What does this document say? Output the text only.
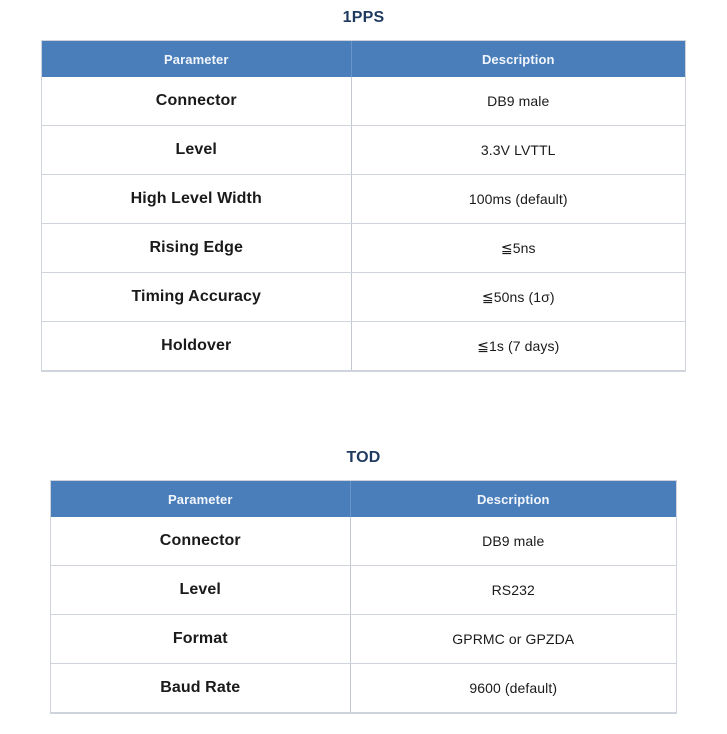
1PPS
Parameter	Description
Connector	DB9 male
Level	3.3V LVTTL
High Level Width	100ms (default)
Rising Edge	≦5ns
Timing Accuracy	≦50ns (1σ)
Holdover	≦1s (7 days)
TOD
Parameter	Description
Connector	DB9 male
Level	RS232
Format	GPRMC or GPZDA
Baud Rate	9600 (default)
